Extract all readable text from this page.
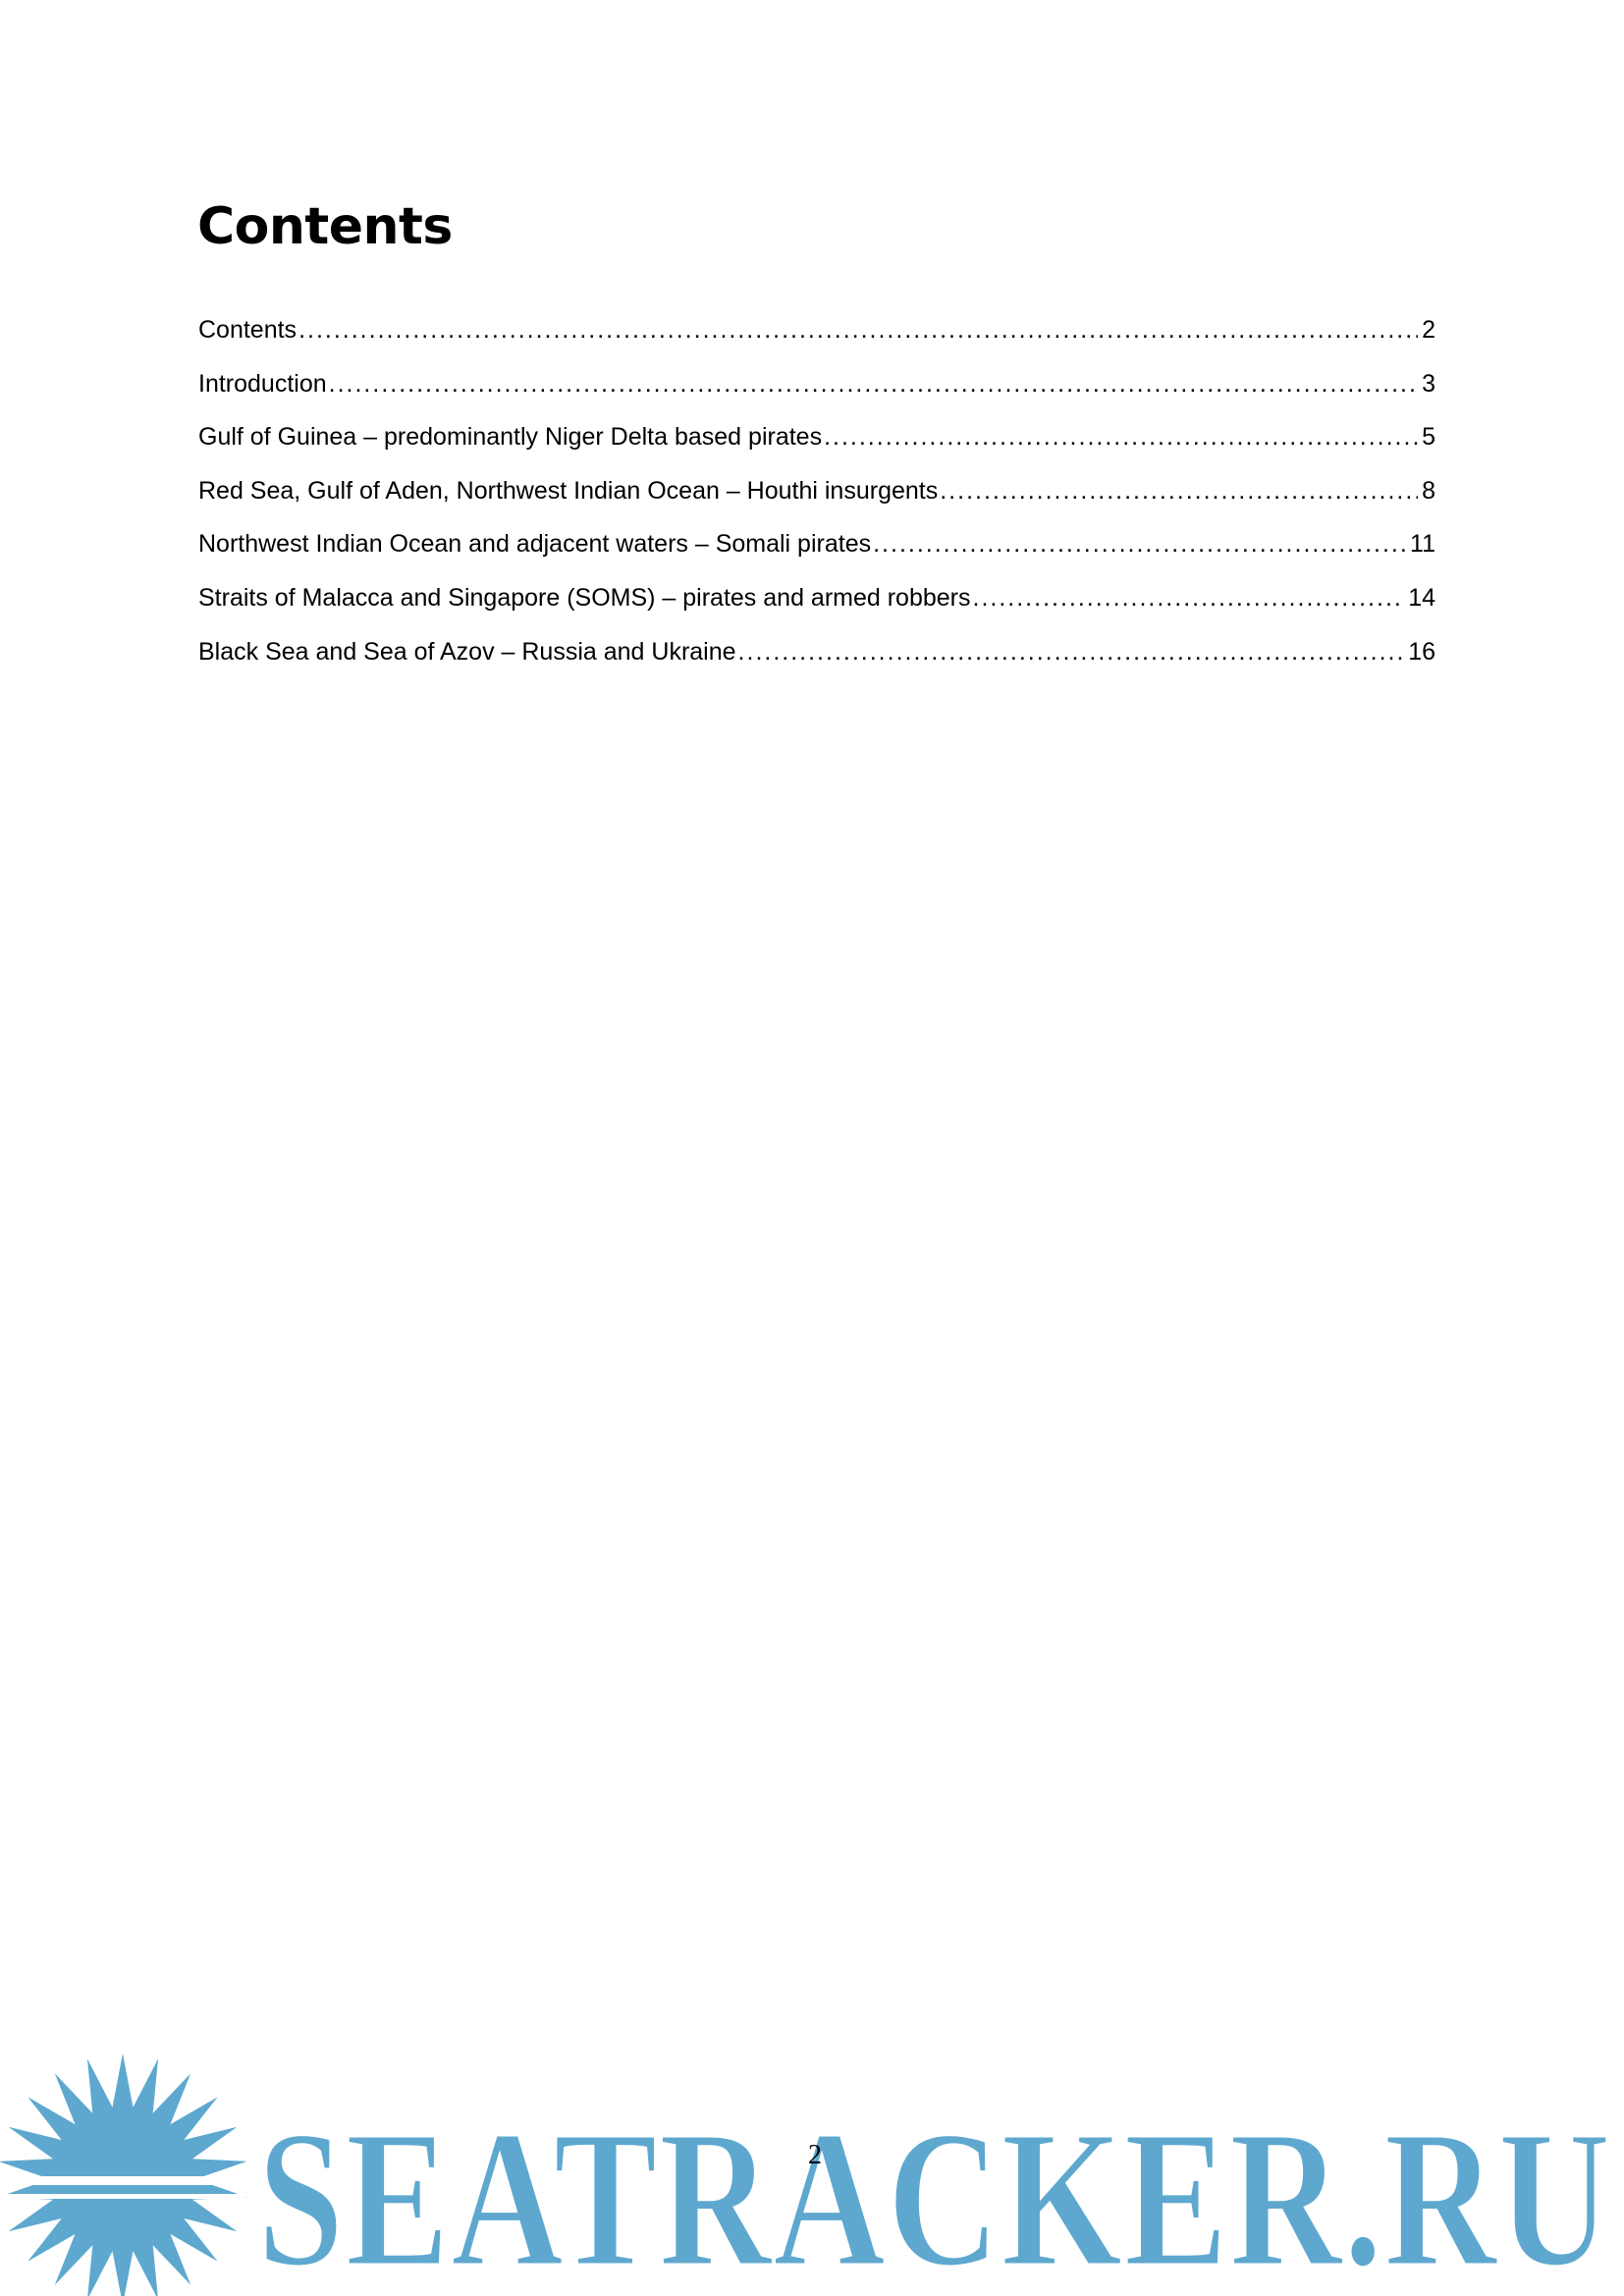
Contents
Contents .....	2
Introduction .....	3
Gulf of Guinea – predominantly Niger Delta based pirates .....	5
Red Sea, Gulf of Aden, Northwest Indian Ocean – Houthi insurgents .....	8
Northwest Indian Ocean and adjacent waters – Somali pirates .....	11
Straits of Malacca and Singapore (SOMS) – pirates and armed robbers .....	14
Black Sea and Sea of Azov – Russia and Ukraine .....	16
2
SEATRACKER.RU
